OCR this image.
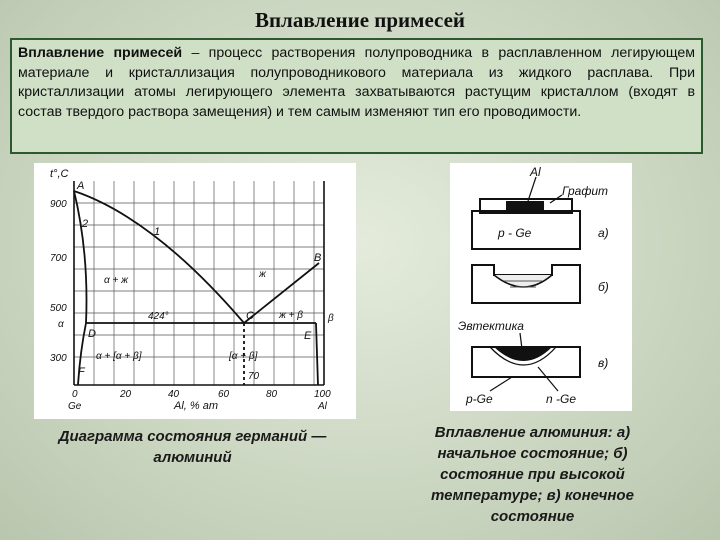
Вплавление примесей
Вплавление примесей – процесс растворения полупроводника в расплавленном легирующем материале и кристаллизация полупроводникового материала из жидкого расплава. При кристаллизации атомы легирующего элемента захватываются растущим кристаллом (входят в состав твердого раствора замещения) и тем самым изменяют тип его проводимости.
t°,C
900
700
500
300
0	20	40	60	80	100
Ge	Al
Al, % ат
A
B
C
D	E
F
1
2
α + ж
ж
ж + β
α + [α + β]	[α + β]
β
α
424°
70
Al
Графит
p - Ge	а)
б)
Эвтектика
p-Ge	n -Ge
в)
Диаграмма состояния германий — алюминий
Вплавление алюминия: а) начальное состояние; б) состояние при высокой температуре; в) конечное состояние
